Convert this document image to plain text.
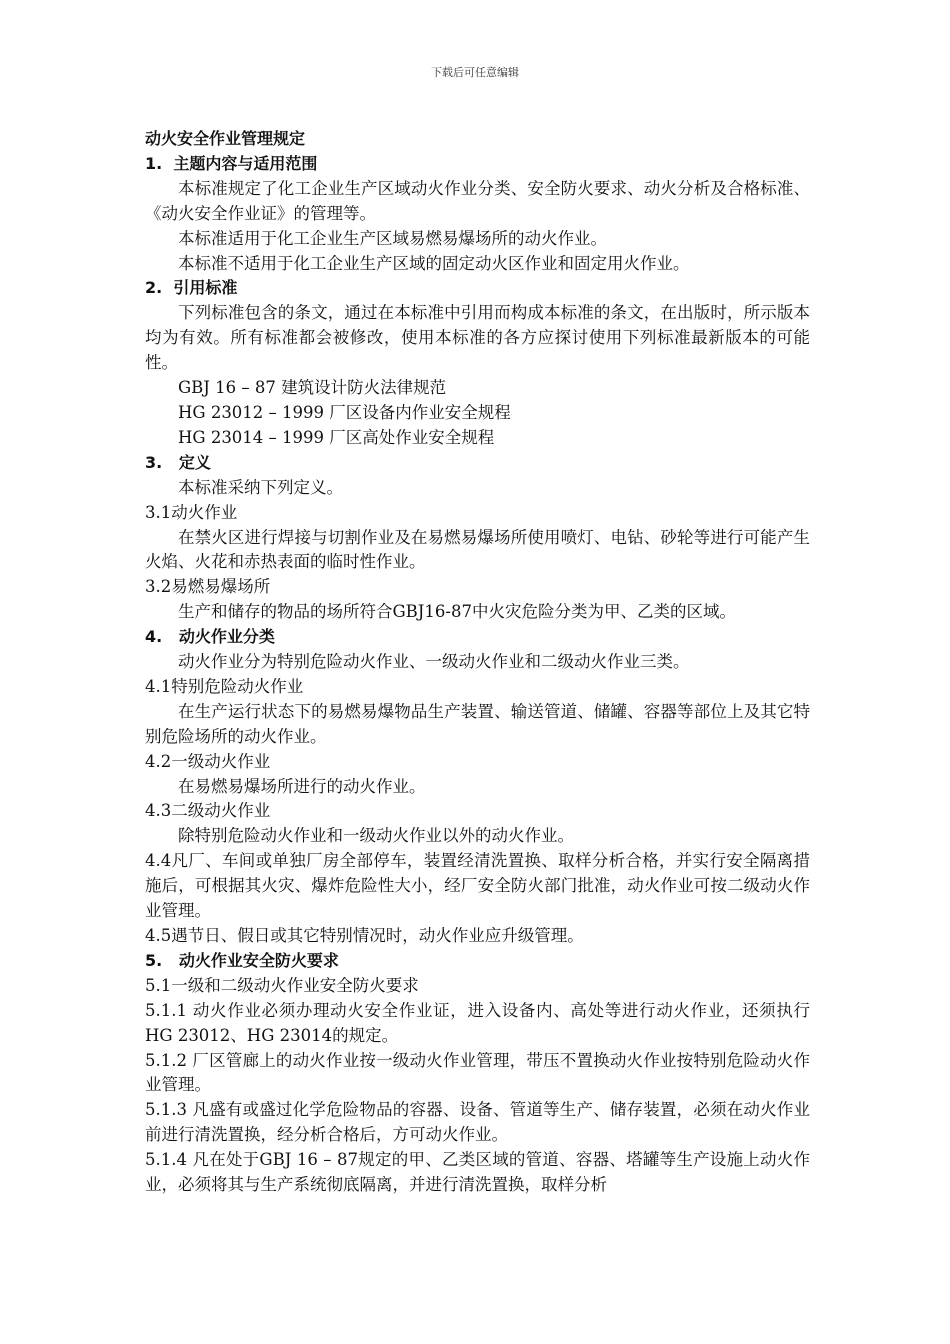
下载后可任意编辑

动火安全作业管理规定

1.  主题内容与适用范围

本标准规定了化工企业生产区域动火作业分类、安全防火要求、动火分析及合格标准、《动火安全作业证》的管理等。

本标准适用于化工企业生产区域易燃易爆场所的动火作业。

本标准不适用于化工企业生产区域的固定动火区作业和固定用火作业。

2.  引用标准

下列标准包含的条文，通过在本标准中引用而构成本标准的条文，在出版时，所示版本均为有效。所有标准都会被修改，使用本标准的各方应探讨使用下列标准最新版本的可能性。

GBJ 16 – 87 建筑设计防火法律规范

HG 23012 – 1999 厂区设备内作业安全规程

HG 23014 – 1999 厂区高处作业安全规程

3.   定义

本标准采纳下列定义。

3.1动火作业

在禁火区进行焊接与切割作业及在易燃易爆场所使用喷灯、电钻、砂轮等进行可能产生火焰、火花和赤热表面的临时性作业。

3.2易燃易爆场所

生产和储存的物品的场所符合GBJ16-87中火灾危险分类为甲、乙类的区域。

4.   动火作业分类

动火作业分为特别危险动火作业、一级动火作业和二级动火作业三类。

4.1特别危险动火作业

在生产运行状态下的易燃易爆物品生产装置、输送管道、储罐、容器等部位上及其它特别危险场所的动火作业。

4.2一级动火作业

在易燃易爆场所进行的动火作业。

4.3二级动火作业

除特别危险动火作业和一级动火作业以外的动火作业。

4.4凡厂、车间或单独厂房全部停车，装置经清洗置换、取样分析合格，并实行安全隔离措施后，可根据其火灾、爆炸危险性大小，经厂安全防火部门批准，动火作业可按二级动火作业管理。

4.5遇节日、假日或其它特别情况时，动火作业应升级管理。

5.   动火作业安全防火要求

5.1一级和二级动火作业安全防火要求

5.1.1 动火作业必须办理动火安全作业证，进入设备内、高处等进行动火作业，还须执行HG 23012、HG 23014的规定。

5.1.2 厂区管廊上的动火作业按一级动火作业管理，带压不置换动火作业按特别危险动火作业管理。

5.1.3 凡盛有或盛过化学危险物品的容器、设备、管道等生产、储存装置，必须在动火作业前进行清洗置换，经分析合格后，方可动火作业。

5.1.4 凡在处于GBJ 16 – 87规定的甲、乙类区域的管道、容器、塔罐等生产设施上动火作业，必须将其与生产系统彻底隔离，并进行清洗置换，取样分析
